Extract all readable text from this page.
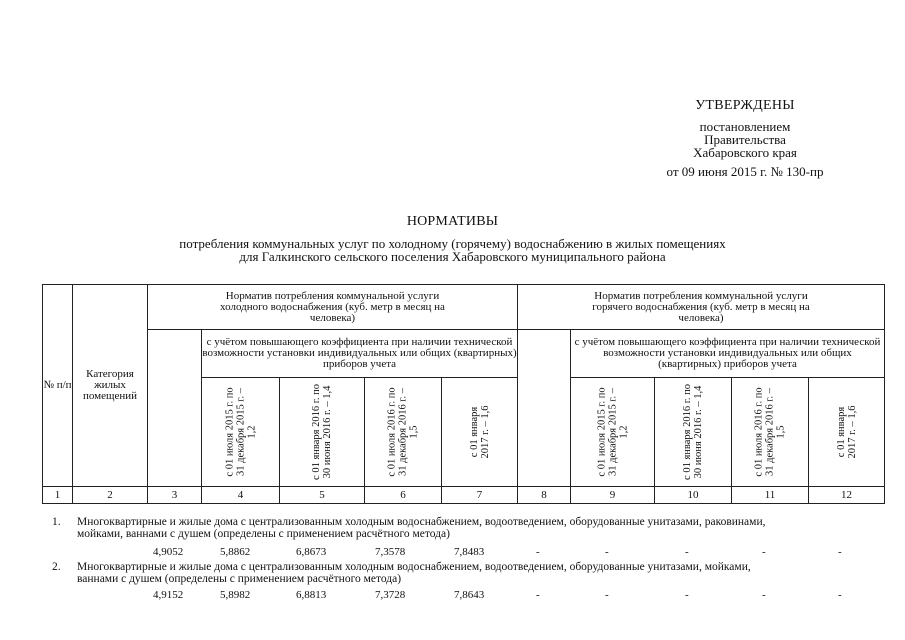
УТВЕРЖДЕНЫ
постановлением
Правительства
Хабаровского края
от 09 июня 2015 г. № 130-пр
НОРМАТИВЫ
потребления коммунальных услуг по холодному (горячему) водоснабжению в жилых помещениях
для Галкинского сельского поселения Хабаровского муниципального района
№ п/п	Категория жилых помещений	Норматив потребления коммунальной услуги холодного водоснабжения (куб. метр в месяц на человека)					Норматив потребления коммунальной услуги горячего водоснабжения (куб. метр в месяц на человека)				
			с учётом повышающего коэффициента при наличии технической возможности установки индивидуальных или общих (квартирных) приборов учета					с учётом повышающего коэффициента при наличии технической возможности установки индивидуальных или общих (квартирных) приборов учета			

			с 01 июля 2015 г. по 31 декабря 2015 г. – 1,2	с 01 января 2016 г. по 30 июня 2016 г. – 1,4	с 01 июля 2016 г. по 31 декабря 2016 г. – 1,5	с 01 января 2017 г. – 1,6		с 01 июля 2015 г. по 31 декабря 2015 г. – 1,2	с 01 января 2016 г. по 30 июня 2016 г. – 1,4	с 01 июля 2016 г. по 31 декабря 2016 г. – 1,5	с 01 января 2017 г. – 1,6

1	2	3	4	5	6	7	8	9	10	11	12
1. Многоквартирные и жилые дома с централизованным холодным водоснабжением, водоотведением, оборудованные унитазами, раковинами,
мойками, ваннами с душем (определены с применением расчётного метода)
4,9052	5,8862	6,8673	7,3578	7,8483	-	-	-	-	-
2. Многоквартирные и жилые дома с централизованным холодным водоснабжением, водоотведением, оборудованные унитазами, мойками,
ваннами с душем (определены с применением расчётного метода)
4,9152	5,8982	6,8813	7,3728	7,8643	-	-	-	-	-
